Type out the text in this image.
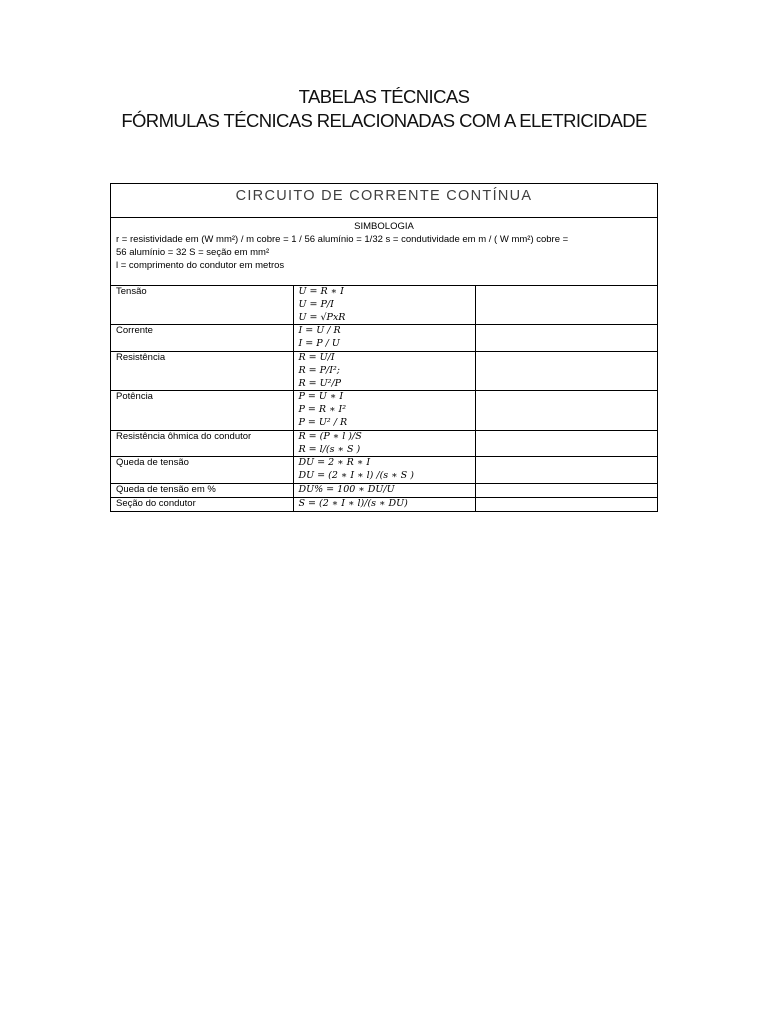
TABELAS TÉCNICAS
FÓRMULAS TÉCNICAS RELACIONADAS COM A ELETRICIDADE
CIRCUITO DE CORRENTE CONTÍNUA
SIMBOLOGIA
r = resistividade em (W mm²) / m cobre = 1 / 56 alumínio = 1/32 s = condutividade em m / ( W mm²) cobre =
56 alumínio = 32 S = seção em mm²
l = comprimento do condutor em metros
Tensão	U = R ∗ I
U = P/I
U = √PxR	

Corrente	I = U / R
I = P / U	

Resistência	R = U/I
R = P/I²;
R = U²/P	

Potência	P = U ∗ I
P = R ∗ I²
P = U² / R	

Resistência ôhmica do condutor	R = (P ∗ l )/S
R = l/(s ∗ S )	

Queda de tensão	DU = 2 ∗ R ∗ I
DU = (2 ∗ I ∗ l) /(s ∗ S )	

Queda de tensão em %	DU% = 100 ∗ DU/U	

Seção do condutor	S = (2 ∗ I ∗ l)/(s ∗ DU)	
